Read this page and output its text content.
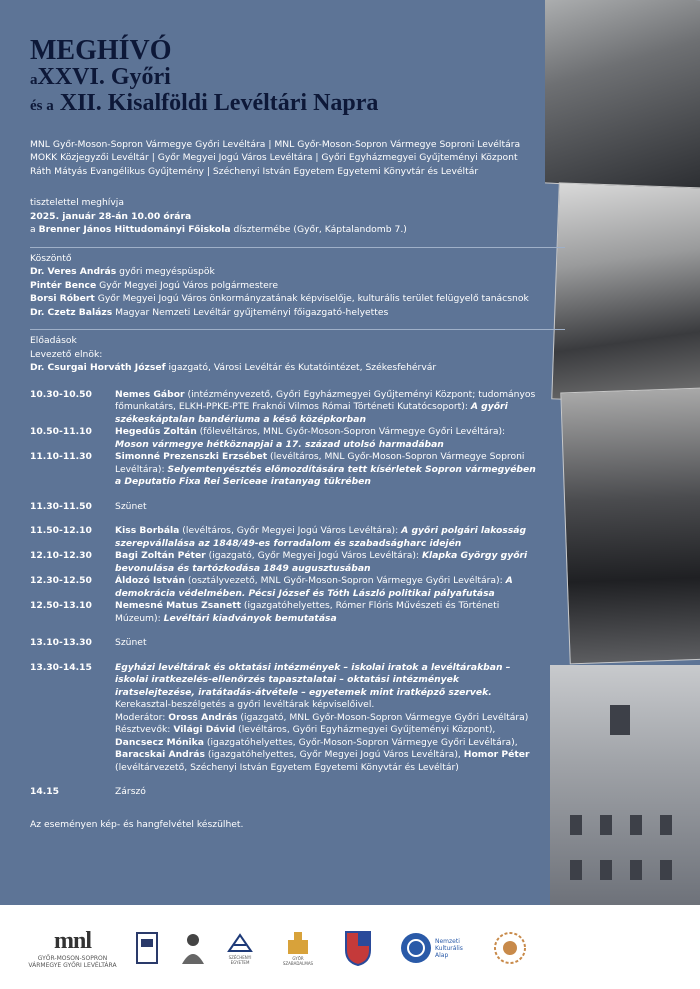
MEGHÍVÓ
aXXVI. Győri
és a XII. Kisalföldi Levéltári Napra
MNL Győr-Moson-Sopron Vármegye Győri Levéltára | MNL Győr-Moson-Sopron Vármegye Soproni Levéltára
MOKK Közjegyzői Levéltár | Győr Megyei Jogú Város Levéltára | Győri Egyházmegyei Gyűjteményi Központ
Ráth Mátyás Evangélikus Gyűjtemény | Széchenyi István Egyetem Egyetemi Könyvtár és Levéltár
tisztelettel meghívja
2025. január 28-án 10.00 órára
a Brenner János Hittudományi Főiskola dísztermébe (Győr, Káptalandomb 7.)
Köszöntő
Dr. Veres András győri megyéspüspök
Pintér Bence Győr Megyei Jogú Város polgármestere
Borsi Róbert Győr Megyei Jogú Város önkormányzatának képviselője, kulturális terület felügyelő tanácsnok
Dr. Czetz Balázs Magyar Nemzeti Levéltár gyűjteményi főigazgató-helyettes
Előadások
Levezető elnök:
Dr. Csurgai Horváth József igazgató, Városi Levéltár és Kutatóintézet, Székesfehérvár
10.30-10.50	Nemes Gábor (intézményvezető, Győri Egyházmegyei Gyűjteményi Központ; tudományos főmunkatárs, ELKH-PPKE-PTE Fraknói Vilmos Római Történeti Kutatócsoport): A győri székeskáptalan bandériuma a késő középkorban
10.50-11.10	Hegedűs Zoltán (főlevéltáros, MNL Győr-Moson-Sopron Vármegye Győri Levéltára): Moson vármegye hétköznapjai a 17. század utolsó harmadában
11.10-11.30	Simonné Prezenszki Erzsébet (levéltáros, MNL Győr-Moson-Sopron Vármegye Soproni Levéltára): Selyemtenyésztés előmozdítására tett kísérletek Sopron vármegyében a Deputatio Fixa Rei Sericeae iratanyag tükrében
11.30-11.50	Szünet
11.50-12.10	Kiss Borbála (levéltáros, Győr Megyei Jogú Város Levéltára): A győri polgári lakosság szerepvállalása az 1848/49-es forradalom és szabadságharc idején
12.10-12.30	Bagi Zoltán Péter (igazgató, Győr Megyei Jogú Város Levéltára): Klapka György győri bevonulása és tartózkodása 1849 augusztusában
12.30-12.50	Áldozó István (osztályvezető, MNL Győr-Moson-Sopron Vármegye Győri Levéltára): A demokrácia védelmében. Pécsi József és Tóth László politikai pályafutása
12.50-13.10	Nemesné Matus Zsanett (igazgatóhelyettes, Rómer Flóris Művészeti és Történeti Múzeum): Levéltári kiadványok bemutatása
13.10-13.30	Szünet
13.30-14.15	Egyházi levéltárak és oktatási intézmények – iskolai iratok a levéltárakban – iskolai iratkezelés-ellenőrzés tapasztalatai – oktatási intézmények iratselejtezése, iratátadás-átvétele – egyetemek mint iratképző szervek. Kerekasztal-beszélgetés a győri levéltárak képviselőivel.
Moderátor: Oross András (igazgató, MNL Győr-Moson-Sopron Vármegye Győri Levéltára)
Résztvevők: Világi Dávid (levéltáros, Győri Egyházmegyei Gyűjteményi Központ), Dancsecz Mónika (igazgatóhelyettes, Győr-Moson-Sopron Vármegye Győri Levéltára), Baracskai András (igazgatóhelyettes, Győr Megyei Jogú Város Levéltára), Homor Péter (levéltárvezető, Széchenyi István Egyetem Egyetemi Könyvtár és Levéltár)
14.15	Zárszó
Az eseményen kép- és hangfelvétel készülhet.
mnl
GYŐR-MOSON-SOPRON
VÁRMEGYE GYŐRI LEVÉLTÁRA
SZÉCHENYI EGYETEM
GYŐR SZABADALMAS
Nemzeti
Kulturális
Alap
